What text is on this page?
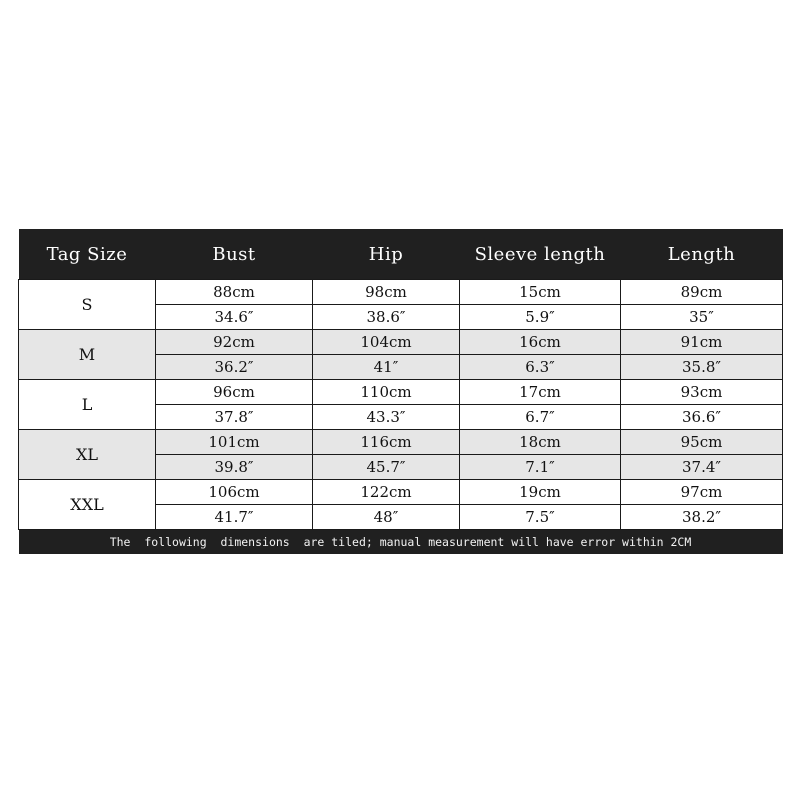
Tag Size	Bust	Hip	Sleeve length	Length
S	88cm	98cm	15cm	89cm
	34.6″	38.6″	5.9″	35″
M	92cm	104cm	16cm	91cm
	36.2″	41″	6.3″	35.8″
L	96cm	110cm	17cm	93cm
	37.8″	43.3″	6.7″	36.6″
XL	101cm	116cm	18cm	95cm
	39.8″	45.7″	7.1″	37.4″
XXL	106cm	122cm	19cm	97cm
	41.7″	48″	7.5″	38.2″
The  following  dimensions  are tiled; manual measurement will have error within 2CM				
